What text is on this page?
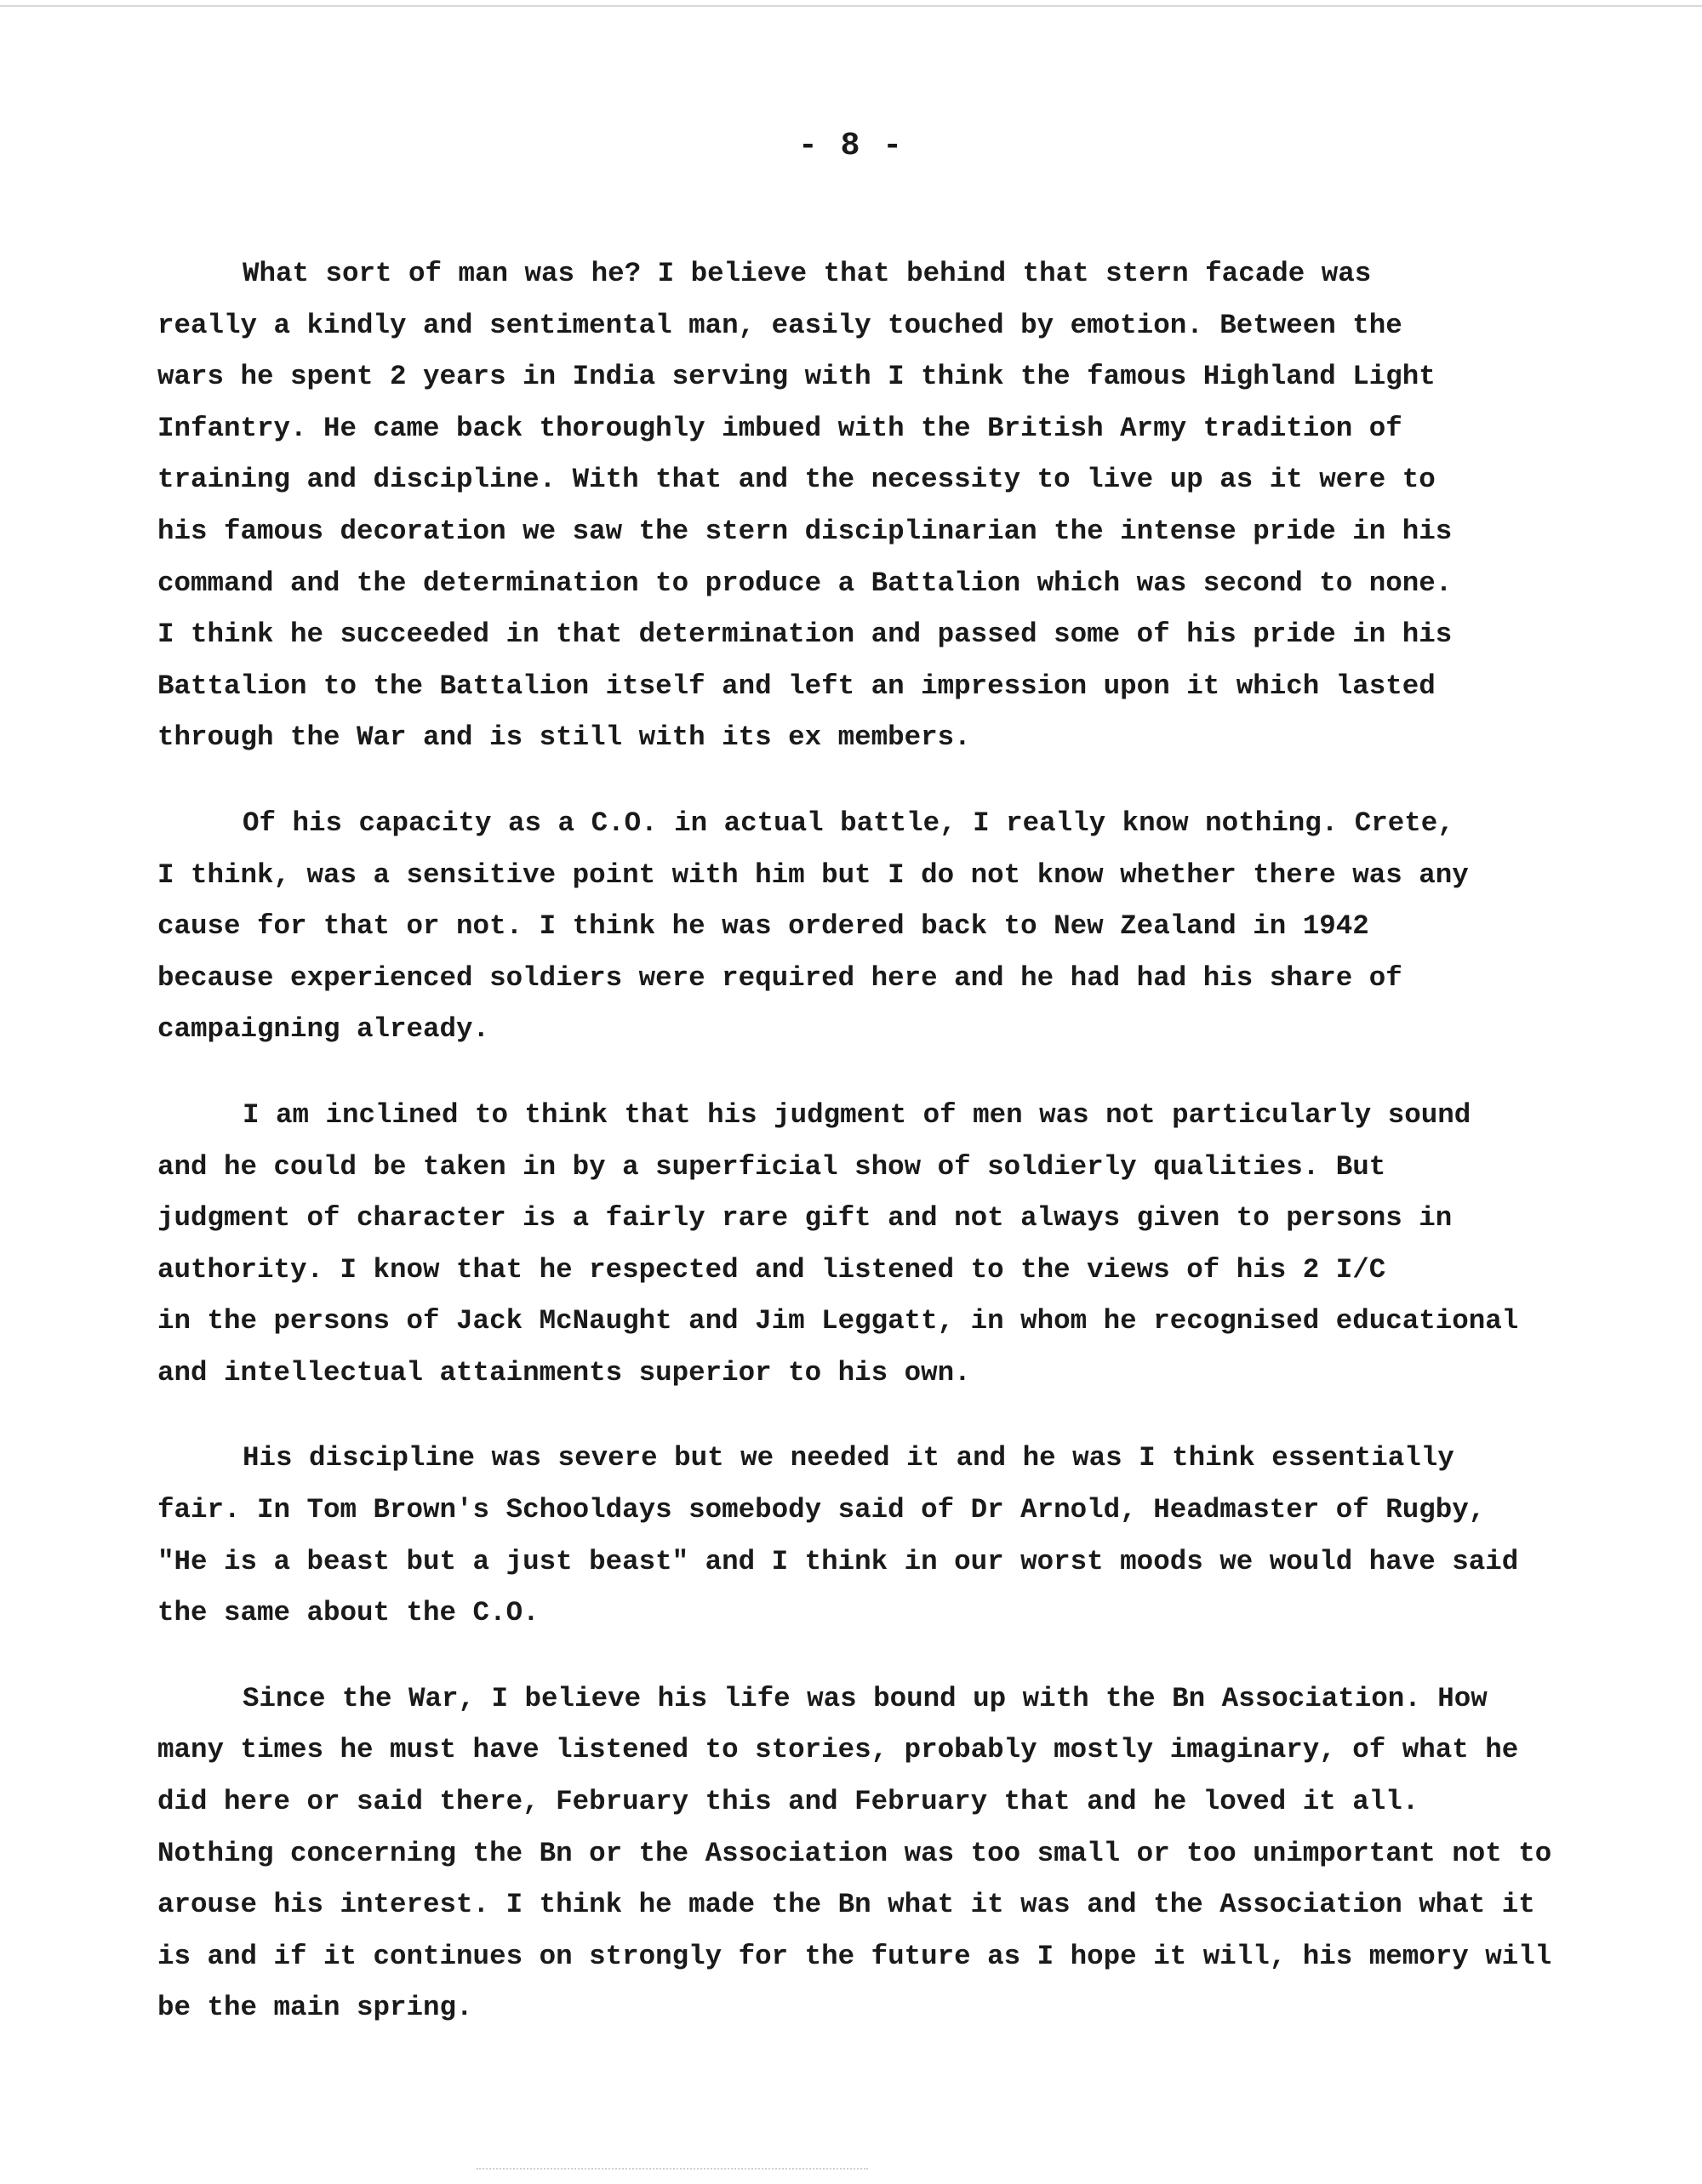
- 8 -

What sort of man was he? I believe that behind that stern facade was
really a kindly and sentimental man, easily touched by emotion. Between the
wars he spent 2 years in India serving with I think the famous Highland Light
Infantry. He came back thoroughly imbued with the British Army tradition of
training and discipline. With that and the necessity to live up as it were to
his famous decoration we saw the stern disciplinarian the intense pride in his
command and the determination to produce a Battalion which was second to none.
I think he succeeded in that determination and passed some of his pride in his
Battalion to the Battalion itself and left an impression upon it which lasted
through the War and is still with its ex members.

Of his capacity as a C.O. in actual battle, I really know nothing. Crete,
I think, was a sensitive point with him but I do not know whether there was any
cause for that or not. I think he was ordered back to New Zealand in 1942
because experienced soldiers were required here and he had had his share of
campaigning already.

I am inclined to think that his judgment of men was not particularly sound
and he could be taken in by a superficial show of soldierly qualities. But
judgment of character is a fairly rare gift and not always given to persons in
authority. I know that he respected and listened to the views of his 2 I/C
in the persons of Jack McNaught and Jim Leggatt, in whom he recognised educational
and intellectual attainments superior to his own.

His discipline was severe but we needed it and he was I think essentially
fair. In Tom Brown's Schooldays somebody said of Dr Arnold, Headmaster of Rugby,
"He is a beast but a just beast" and I think in our worst moods we would have said
the same about the C.O.

Since the War, I believe his life was bound up with the Bn Association. How
many times he must have listened to stories, probably mostly imaginary, of what he
did here or said there, February this and February that and he loved it all.
Nothing concerning the Bn or the Association was too small or too unimportant not to
arouse his interest. I think he made the Bn what it was and the Association what it
is and if it continues on strongly for the future as I hope it will, his memory will
be the main spring.
